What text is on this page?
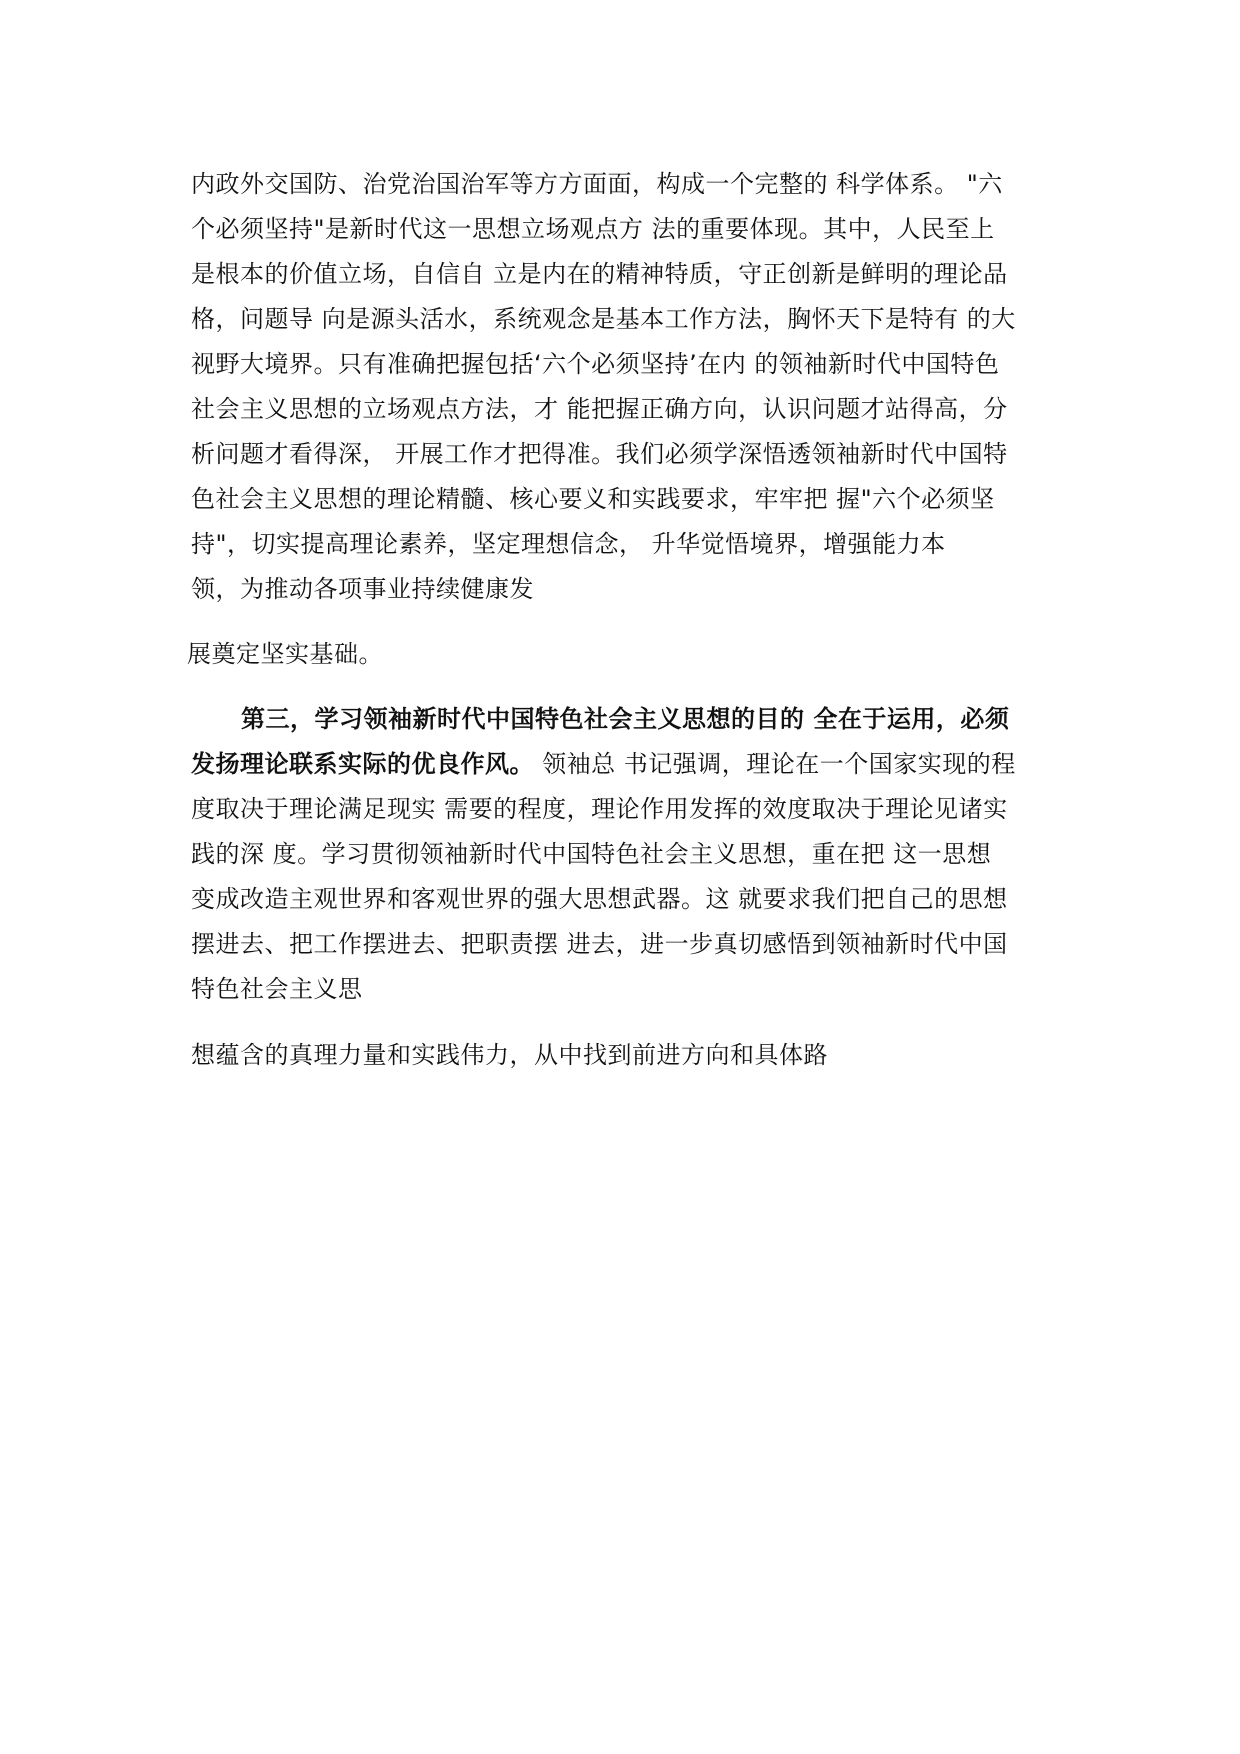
内政外交国防、治党治国治军等方方面面，构成一个完整的 科学体系。 "六
个必须坚持"是新时代这一思想立场观点方 法的重要体现。其中，人民至上
是根本的价值立场，自信自 立是内在的精神特质，守正创新是鲜明的理论品
格，问题导 向是源头活水，系统观念是基本工作方法，胸怀天下是特有 的大
视野大境界。只有准确把握包括‘六个必须坚持’在内 的领袖新时代中国特色
社会主义思想的立场观点方法，才 能把握正确方向，认识问题才站得高，分
析问题才看得深， 开展工作才把得准。我们必须学深悟透领袖新时代中国特
色社会主义思想的理论精髓、核心要义和实践要求，牢牢把 握"六个必须坚
持"，切实提高理论素养，坚定理想信念， 升华觉悟境界，增强能力本
领，为推动各项事业持续健康发
展奠定坚实基础。
第三，学习领袖新时代中国特色社会主义思想的目的 全在于运用，必须
发扬理论联系实际的优良作风。 领袖总 书记强调，理论在一个国家实现的程
度取决于理论满足现实 需要的程度，理论作用发挥的效度取决于理论见诸实
践的深 度。学习贯彻领袖新时代中国特色社会主义思想，重在把 这一思想
变成改造主观世界和客观世界的强大思想武器。这 就要求我们把自己的思想
摆进去、把工作摆进去、把职责摆 进去，进一步真切感悟到领袖新时代中国
特色社会主义思
想蕴含的真理力量和实践伟力，从中找到前进方向和具体路
